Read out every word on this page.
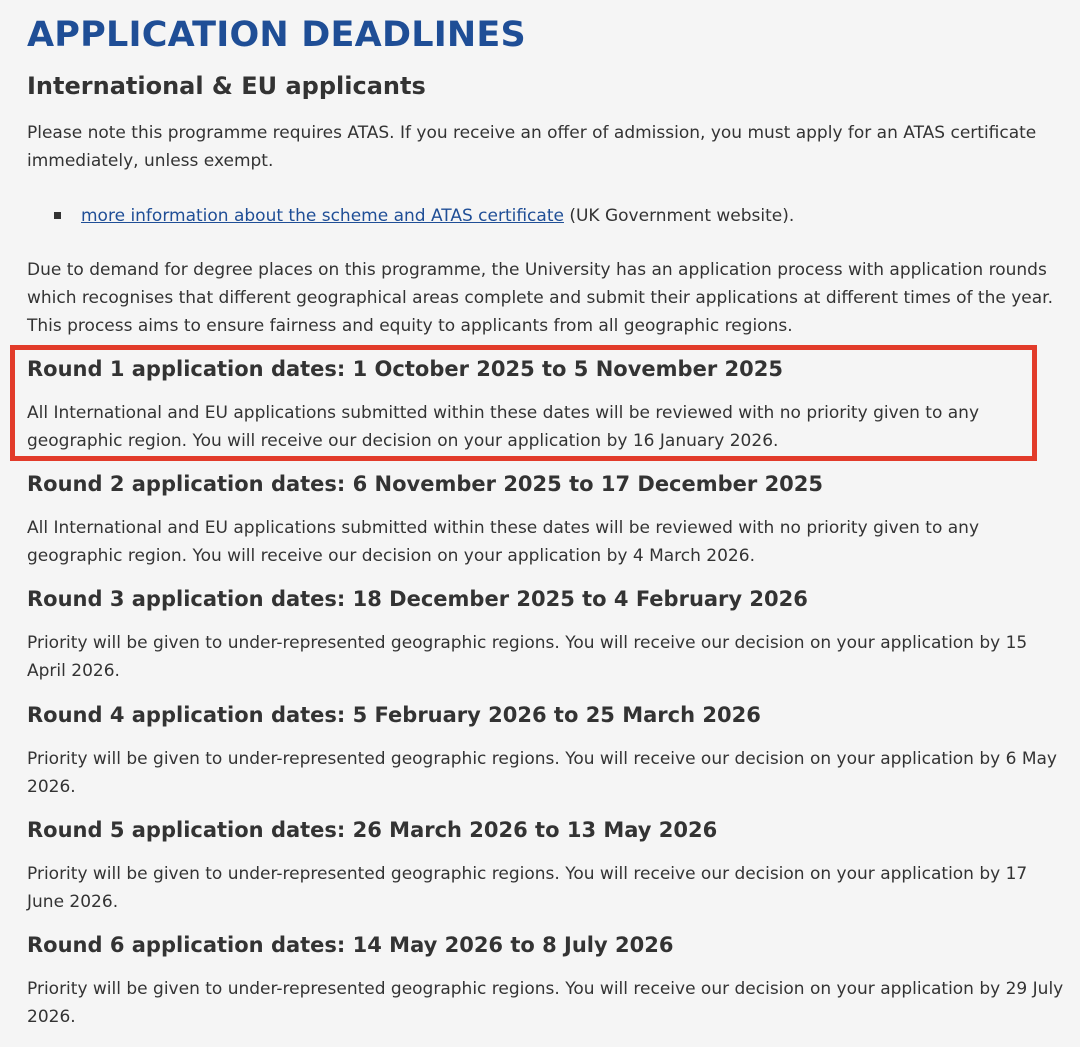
APPLICATION DEADLINES
International & EU applicants

Please note this programme requires ATAS. If you receive an offer of admission, you must apply for an ATAS certificate immediately, unless exempt.

more information about the scheme and ATAS certificate (UK Government website).

Due to demand for degree places on this programme, the University has an application process with application rounds which recognises that different geographical areas complete and submit their applications at different times of the year. This process aims to ensure fairness and equity to applicants from all geographic regions.

Round 1 application dates: 1 October 2025 to 5 November 2025

All International and EU applications submitted within these dates will be reviewed with no priority given to any geographic region. You will receive our decision on your application by 16 January 2026.

Round 2 application dates: 6 November 2025 to 17 December 2025

All International and EU applications submitted within these dates will be reviewed with no priority given to any geographic region. You will receive our decision on your application by 4 March 2026.

Round 3 application dates: 18 December 2025 to 4 February 2026

Priority will be given to under-represented geographic regions. You will receive our decision on your application by 15 April 2026.

Round 4 application dates: 5 February 2026 to 25 March 2026

Priority will be given to under-represented geographic regions. You will receive our decision on your application by 6 May 2026.

Round 5 application dates: 26 March 2026 to 13 May 2026

Priority will be given to under-represented geographic regions. You will receive our decision on your application by 17 June 2026.

Round 6 application dates: 14 May 2026 to 8 July 2026

Priority will be given to under-represented geographic regions. You will receive our decision on your application by 29 July 2026.
